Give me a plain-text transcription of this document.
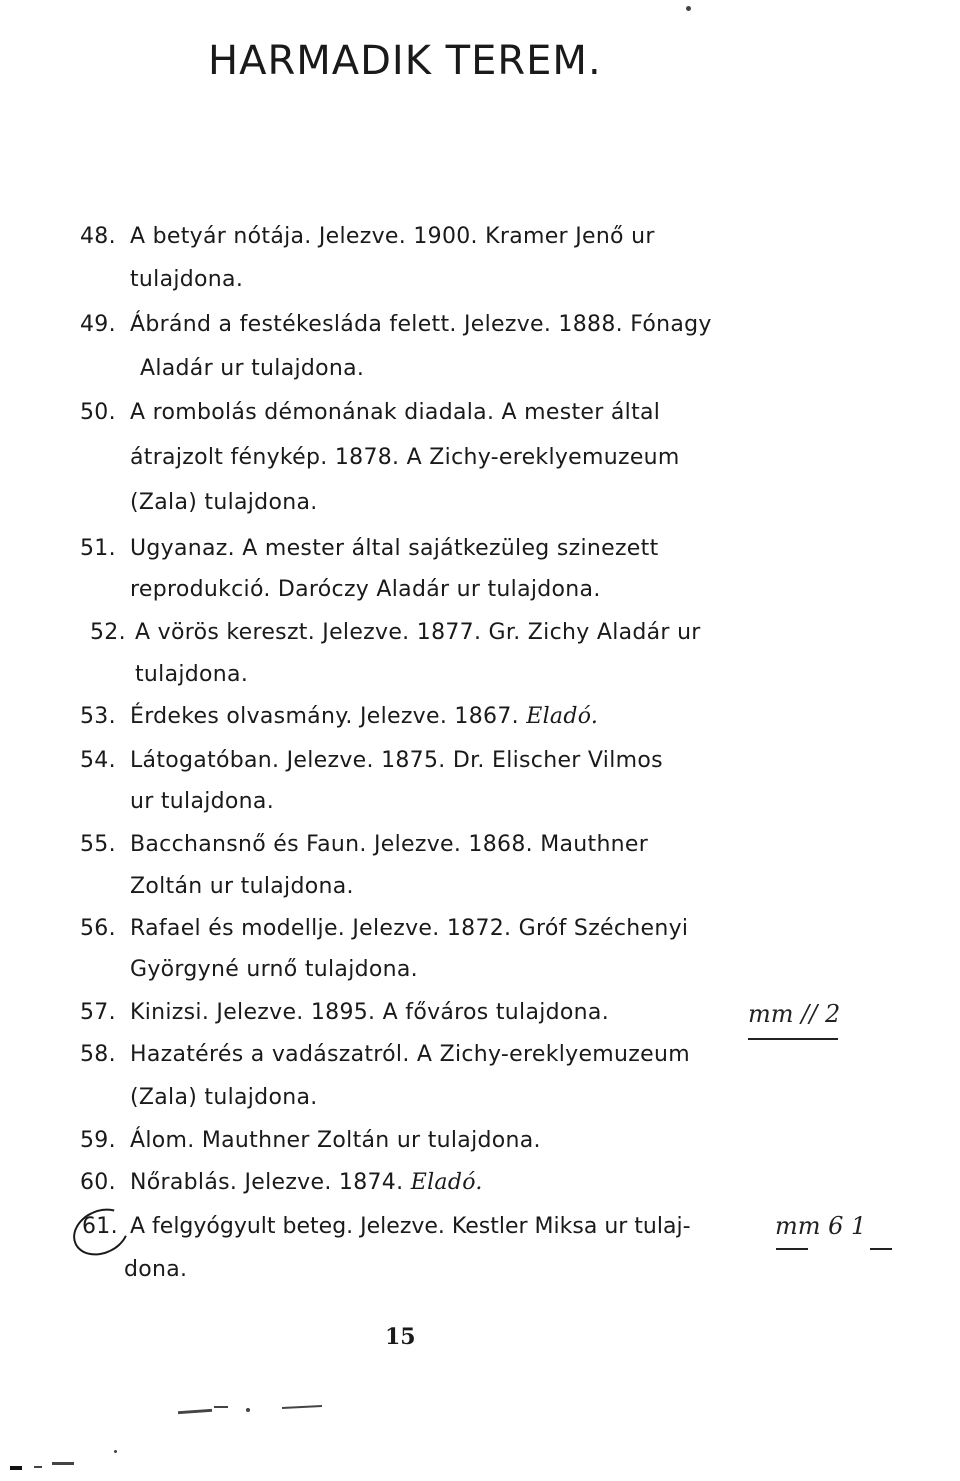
HARMADIK TEREM.
48. A betyár nótája. Jelezve. 1900. Kramer Jenő ur
tulajdona.
49. Ábránd a festékesláda felett. Jelezve. 1888. Fónagy
Aladár ur tulajdona.
50. A rombolás démonának diadala. A mester által
átrajzolt fénykép. 1878. A Zichy-ereklyemuzeum
(Zala) tulajdona.
51. Ugyanaz. A mester által sajátkezüleg szinezett
reprodukció. Daróczy Aladár ur tulajdona.
52. A vörös kereszt. Jelezve. 1877. Gr. Zichy Aladár ur
tulajdona.
53. Érdekes olvasmány. Jelezve. 1867. Eladó.
54. Látogatóban. Jelezve. 1875. Dr. Elischer Vilmos
ur tulajdona.
55. Bacchansnő és Faun. Jelezve. 1868. Mauthner
Zoltán ur tulajdona.
56. Rafael és modellje. Jelezve. 1872. Gróf Széchenyi
Györgyné urnő tulajdona.
57. Kinizsi. Jelezve. 1895. A főváros tulajdona.
58. Hazatérés a vadászatról. A Zichy-ereklyemuzeum
(Zala) tulajdona.
59. Álom. Mauthner Zoltán ur tulajdona.
60. Nőrablás. Jelezve. 1874. Eladó.
61. A felgyógyult beteg. Jelezve. Kestler Miksa ur tulaj-
dona.
mm // 2
mm 6 1
15
